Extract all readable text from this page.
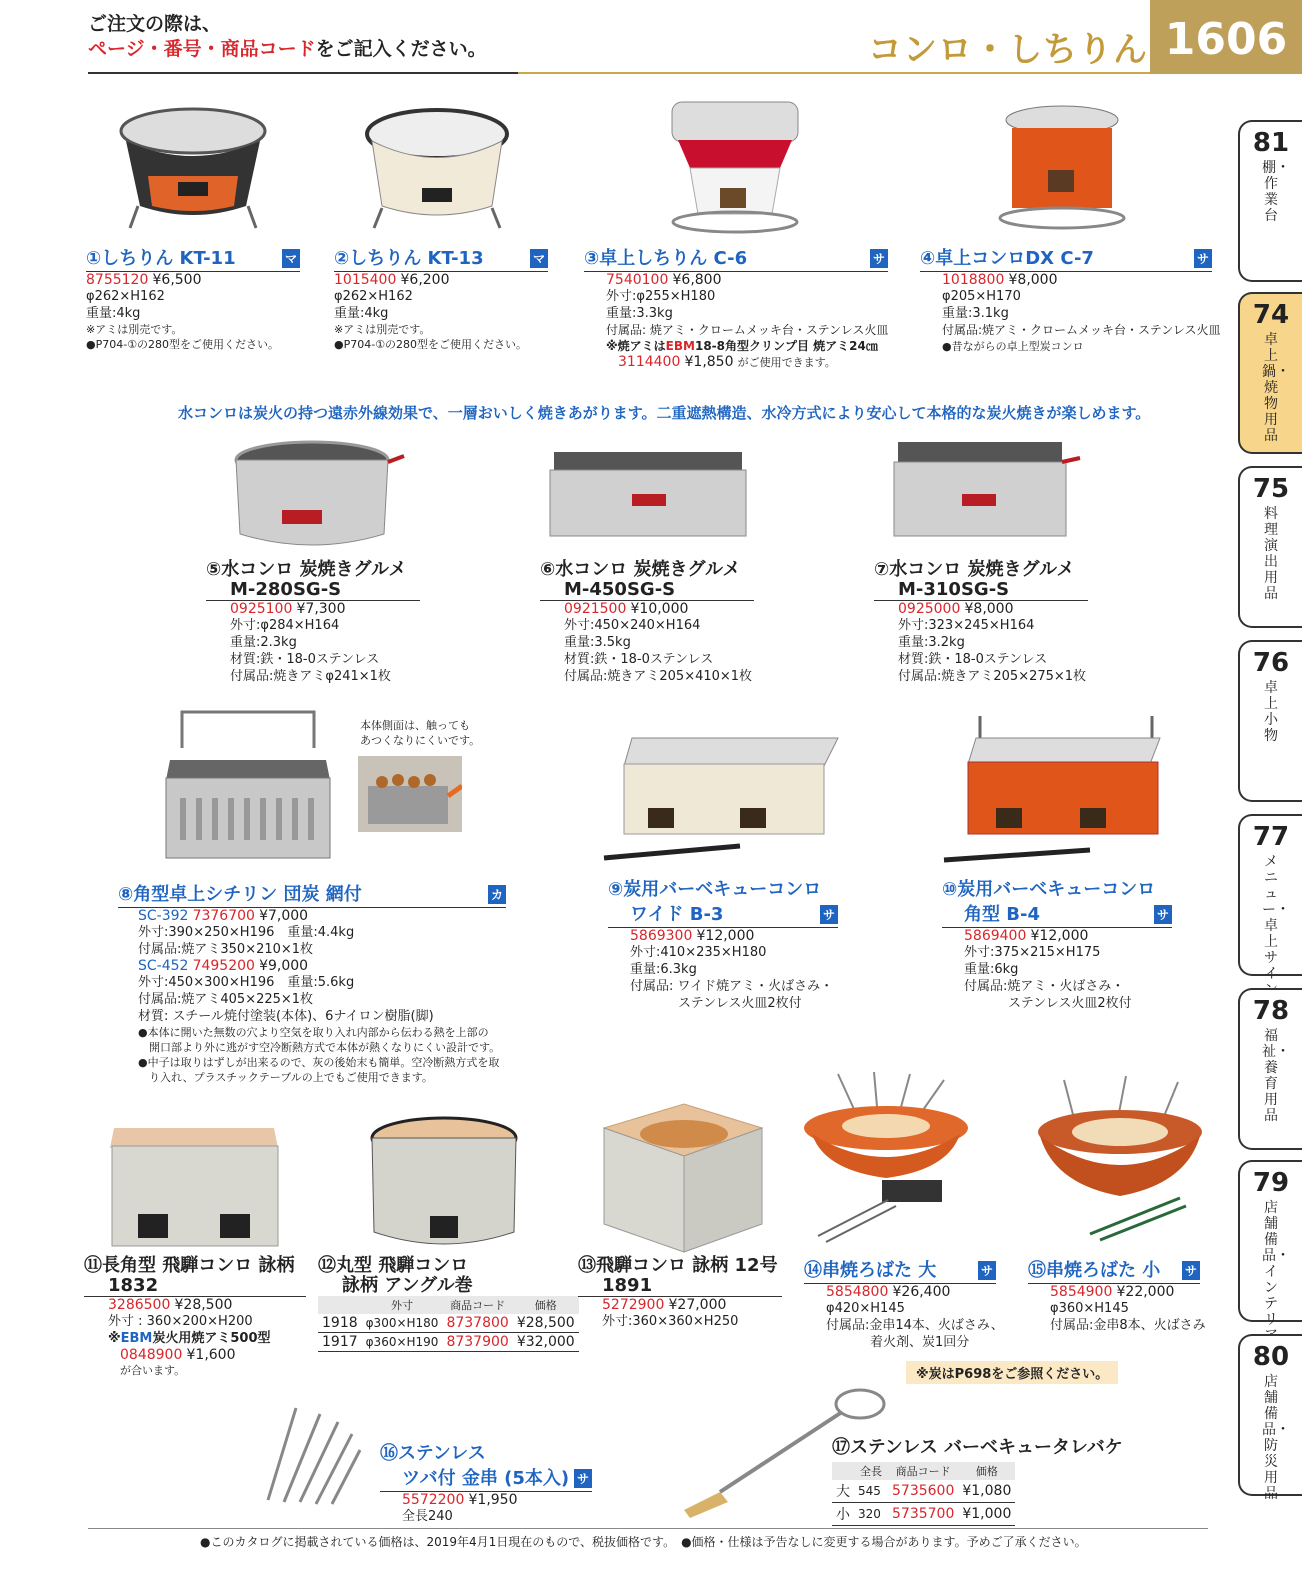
ご注文の際は、
ページ・番号・商品コードをご記入ください。	コンロ・しちりん 1606
81
棚・作業台
74
卓上鍋・焼物用品
75
料理演出用品
76
卓上小物
77
メニュー・卓上サイ
78
福祉・養育用品
79
店舗備品・インテリ
80
店舗備品・防災用品
①しちりん KT-11	マ
8755120 ¥6,500
φ262×H162
重量:4kg
※アミは別売です。
●P704-①の280型をご使用ください。
②しちりん KT-13	マ
1015400 ¥6,200
φ262×H162
重量:4kg
※アミは別売です。
●P704-①の280型をご使用ください。
③卓上しちりん C-6	サ
7540100 ¥6,800
外寸:φ255×H180
重量:3.3kg
付属品: 焼アミ・クロームメッキ台・ステンレス火皿
※焼アミはEBM18-8角型クリンプ目 焼アミ24㎝
3114400 ¥1,850 がご使用できます。
④卓上コンロDX C-7	サ
1018800 ¥8,000
φ205×H170
重量:3.1kg
付属品:焼アミ・クロームメッキ台・ステンレス火皿
●昔ながらの卓上型炭コンロ
水コンロは炭火の持つ遠赤外線効果で、一層おいしく焼きあがります。二重遮熱構造、水冷方式により安心して本格的な炭火焼きが楽しめます。
⑤水コンロ 炭焼きグルメ
M-280SG-S
0925100 ¥7,300
外寸:φ284×H164
重量:2.3kg
材質:鉄・18-0ステンレス
付属品:焼きアミφ241×1枚
⑥水コンロ 炭焼きグルメ
M-450SG-S
0921500 ¥10,000
外寸:450×240×H164
重量:3.5kg
材質:鉄・18-0ステンレス
付属品:焼きアミ205×410×1枚
⑦水コンロ 炭焼きグルメ
M-310SG-S
0925000 ¥8,000
外寸:323×245×H164
重量:3.2kg
材質:鉄・18-0ステンレス
付属品:焼きアミ205×275×1枚
本体側面は、触っても
あつくなりにくいです。
⑧角型卓上シチリン 団炭 網付	カ
SC-392 7376700 ¥7,000
外寸:390×250×H196　重量:4.4kg
付属品:焼アミ350×210×1枚
SC-452 7495200 ¥9,000
外寸:450×300×H196　重量:5.6kg
付属品:焼アミ405×225×1枚
材質: スチール焼付塗装(本体)、6ナイロン樹脂(脚)
●本体に開いた無数の穴より空気を取り入れ内部から伝わる熱を上部の
　開口部より外に逃がす空冷断熱方式で本体が熱くなりにくい設計です。
●中子は取りはずしが出来るので、灰の後始末も簡単。空冷断熱方式を取
　り入れ、プラスチックテーブルの上でもご使用できます。
⑨炭用バーベキューコンロ
ワイド B-3	サ
5869300 ¥12,000
外寸:410×235×H180
重量:6.3kg
付属品: ワイド焼アミ・火ばさみ・
ステンレス火皿2枚付
⑩炭用バーベキューコンロ
角型 B-4	サ
5869400 ¥12,000
外寸:375×215×H175
重量:6kg
付属品:焼アミ・火ばさみ・
ステンレス火皿2枚付
⑪長角型 飛騨コンロ 詠柄
1832
3286500 ¥28,500
外寸 : 360×200×H200
※EBM炭火用焼アミ500型
0848900 ¥1,600
が合います。
⑫丸型 飛騨コンロ
詠柄 アングル巻
	外寸	商品コード	価格
1918	φ300×H180	8737800	¥28,500
1917	φ360×H190	8737900	¥32,000
⑬飛騨コンロ 詠柄 12号
1891
5272900 ¥27,000
外寸:360×360×H250
⑭串焼ろばた 大	サ
5854800 ¥26,400
φ420×H145
付属品:金串14本、火ばさみ、
着火剤、炭1回分
⑮串焼ろばた 小 サ
5854900 ¥22,000
φ360×H145
付属品:金串8本、火ばさみ
※炭はP698をご参照ください。
⑯ステンレス
ツバ付 金串 (5本入) サ
5572200 ¥1,950
全長240
⑰ステンレス バーベキュータレバケ
	全長	商品コード	価格
大	545	5735600	¥1,080
小	320	5735700	¥1,000
●このカタログに掲載されている価格は、2019年4月1日現在のもので、税抜価格です。　●価格・仕様は予告なしに変更する場合があります。予めご了承ください。
